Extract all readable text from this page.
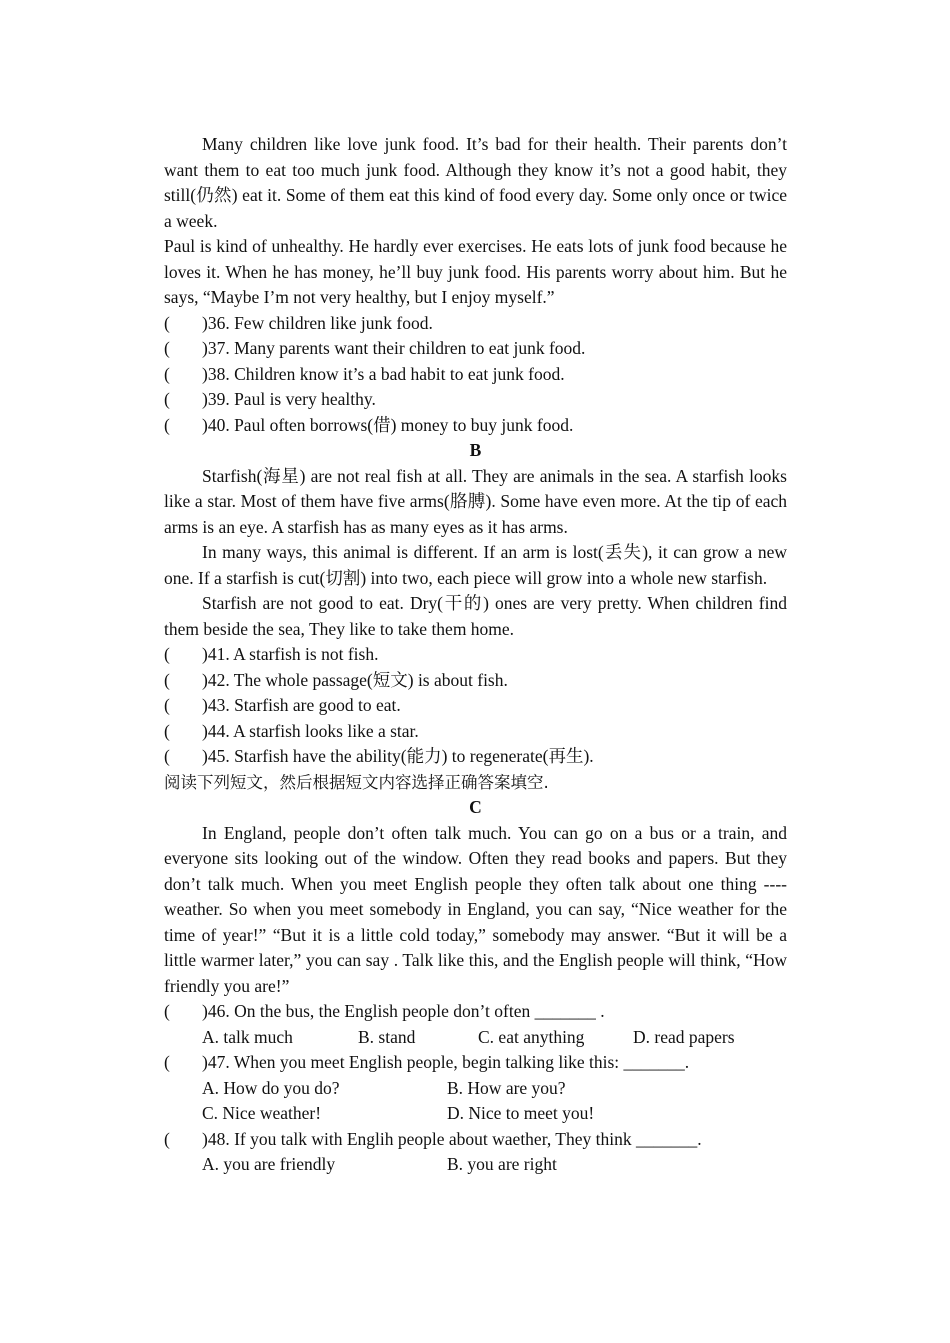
Many children like love junk food. It’s bad for their health. Their parents don’t want them to eat too much junk food. Although they know it’s not a good habit, they still(仍然) eat it. Some of them eat this kind of food every day. Some only once or twice a week.

Paul is kind of unhealthy. He hardly ever exercises. He eats lots of junk food because he loves it. When he has money, he’ll buy junk food. His parents worry about him. But he says, “Maybe I’m not very healthy, but I enjoy myself.”

(	)36. Few children like junk food.
(	)37. Many parents want their children to eat junk food.
(	)38. Children know it’s a bad habit to eat junk food.
(	)39. Paul is very healthy.
(	)40. Paul often borrows(借) money to buy junk food.

B

Starfish(海星) are not real fish at all. They are animals in the sea. A starfish looks like a star. Most of them have five arms(胳膊). Some have even more. At the tip of each arms is an eye. A starfish has as many eyes as it has arms.

In many ways, this animal is different. If an arm is lost(丢失), it can grow a new one. If a starfish is cut(切割) into two, each piece will grow into a whole new starfish.

Starfish are not good to eat. Dry(干的) ones are very pretty. When children find them beside the sea, They like to take them home.

(	)41. A starfish is not fish.
(	)42. The whole passage(短文) is about fish.
(	)43. Starfish are good to eat.
(	)44. A starfish looks like a star.
(	)45. Starfish have the ability(能力) to regenerate(再生).

阅读下列短文，然后根据短文内容选择正确答案填空.

C

In England, people don’t often talk much. You can go on a bus or a train, and everyone sits looking out of the window. Often they read books and papers. But they don’t talk much. When you meet English people they often talk about one thing ---- weather. So when you meet somebody in England, you can say, “Nice weather for the time of year!” “But it is a little cold today,” somebody may answer. “But it will be a little warmer later,” you can say . Talk like this, and the English people will think, “How friendly you are!”

(	)46. On the bus, the English people don’t often _______ .
A. talk much	B. stand	C. eat anything	D. read papers
(	)47. When you meet English people, begin talking like this: _______.
A. How do you do?	B. How are you?
C. Nice weather!	D. Nice to meet you!
(	)48. If you talk with Englih people about waether, They think _______.
A. you are friendly	B. you are right
